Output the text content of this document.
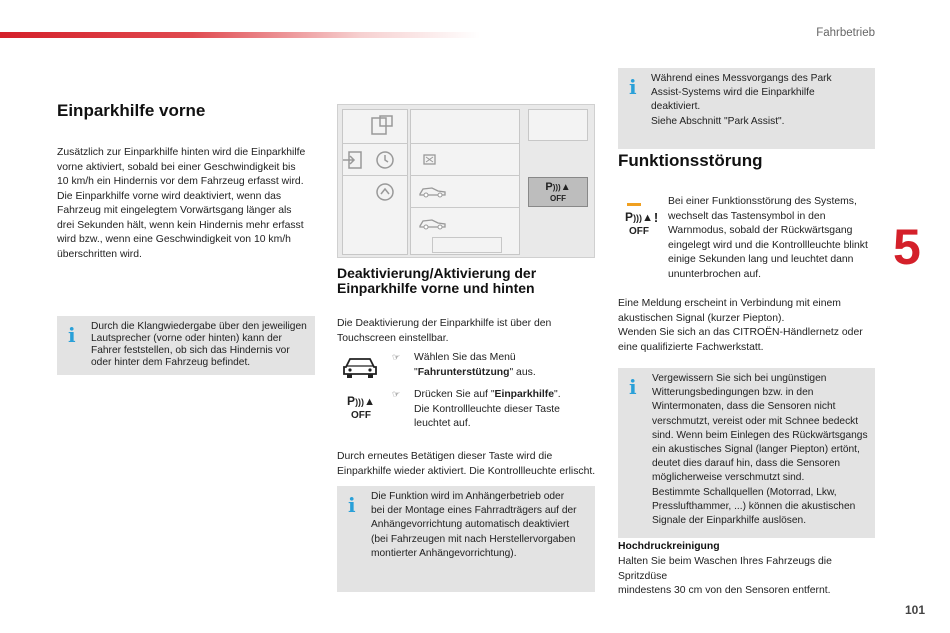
Fahrbetrieb
5
101
Einparkhilfe vorne

Zusätzlich zur Einparkhilfe hinten wird die Einparkhilfe

vorne aktiviert, sobald bei einer Geschwindigkeit bis

10 km/h ein Hindernis vor dem Fahrzeug erfasst wird.

Die Einparkhilfe vorne wird deaktiviert, wenn das

Fahrzeug mit eingelegtem Vorwärtsgang länger als

drei Sekunden hält, wenn kein Hindernis mehr erfasst

wird bzw., wenn eine Geschwindigkeit von 10 km/h

überschritten wird.

i Durch die Klangwiedergabe über den jeweiligen

Lautsprecher (vorne oder hinten) kann der

Fahrer feststellen, ob sich das Hindernis vor

oder hinter dem Fahrzeug befindet.

P)))▲
OFF
Deaktivierung/Aktivierung der
Einparkhilfe vorne und hinten

Die Deaktivierung der Einparkhilfe ist über den

Touchscreen einstellbar.

☞ Wählen Sie das Menü
"Fahrunterstützung" aus.
P)))▲
OFF
☞ Drücken Sie auf "Einparkhilfe".
Die Kontrollleuchte dieser Taste
leuchtet auf.

Durch erneutes Betätigen dieser Taste wird die

Einparkhilfe wieder aktiviert. Die Kontrollleuchte erlischt.

i Die Funktion wird im Anhängerbetrieb oder

bei der Montage eines Fahrradträgers auf der

Anhängevorrichtung automatisch deaktiviert

(bei Fahrzeugen mit nach Herstellervorgaben

montierter Anhängevorrichtung).

i Während eines Messvorgangs des Park

Assist-Systems wird die Einparkhilfe

deaktiviert.

Siehe Abschnitt "Park Assist".

Funktionsstörung
P)))▲
OFF
!

Bei einer Funktionsstörung des Systems,

wechselt das Tastensymbol in den

Warnmodus, sobald der Rückwärtsgang

eingelegt wird und die Kontrollleuchte blinkt

einige Sekunden lang und leuchtet dann

ununterbrochen auf.

Eine Meldung erscheint in Verbindung mit einem

akustischen Signal (kurzer Piepton).

Wenden Sie sich an das CITROËN-Händlernetz oder

eine qualifizierte Fachwerkstatt.

i Vergewissern Sie sich bei ungünstigen

Witterungsbedingungen bzw. in den

Wintermonaten, dass die Sensoren nicht

verschmutzt, vereist oder mit Schnee bedeckt

sind. Wenn beim Einlegen des Rückwärtsgangs

ein akustisches Signal (langer Piepton) ertönt,

deutet dies darauf hin, dass die Sensoren

möglicherweise verschmutzt sind.

Bestimmte Schallquellen (Motorrad, Lkw,

Presslufthammer, ...) können die akustischen

Signale der Einparkhilfe auslösen.

Hochdruckreinigung

Halten Sie beim Waschen Ihres Fahrzeugs die Spritzdüse

mindestens 30 cm von den Sensoren entfernt.
